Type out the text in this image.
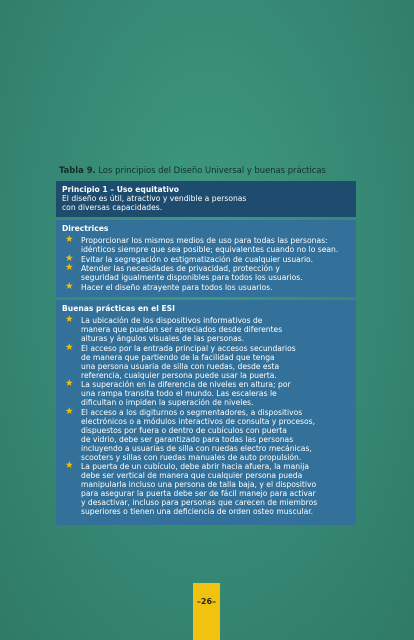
Tabla 9. Los principios del Diseño Universal y buenas prácticas
Principio 1 – Uso equitativo
El diseño es útil, atractivo y vendible a personas
con diversas capacidades.
Directrices
★ Proporcionar los mismos medios de uso para todas las personas:
idénticos siempre que sea posible; equivalentes cuando no lo sean.
★ Evitar la segregación o estigmatización de cualquier usuario.
★ Atender las necesidades de privacidad, protección y
seguridad igualmente disponibles para todos los usuarios.
★ Hacer el diseño atrayente para todos los usuarios.
Buenas prácticas en el ESI
★ La ubicación de los dispositivos informativos de
manera que puedan ser apreciados desde diferentes
alturas y ángulos visuales de las personas.
★ El acceso por la entrada principal y accesos secundarios
de manera que partiendo de la facilidad que tenga
una persona usuaria de silla con ruedas, desde esta
referencia, cualquier persona puede usar la puerta.
★ La superación en la diferencia de niveles en altura; por
una rampa transita todo el mundo. Las escaleras le
dificultan o impiden la superación de niveles.
★ El acceso a los digiturnos o segmentadores, a dispositivos
electrónicos o a módulos interactivos de consulta y procesos,
dispuestos por fuera o dentro de cubículos con puerta
de vidrio, debe ser garantizado para todas las personas
incluyendo a usuarias de silla con ruedas electro mecánicas,
scooters y sillas con ruedas manuales de auto propulsión.
★ La puerta de un cubículo, debe abrir hacia afuera, la manija
debe ser vertical de manera que cualquier persona pueda
manipularla incluso una persona de talla baja, y el dispositivo
para asegurar la puerta debe ser de fácil manejo para activar
y desactivar, incluso para personas que carecen de miembros
superiores o tienen una deficiencia de orden osteo muscular.
–26–
